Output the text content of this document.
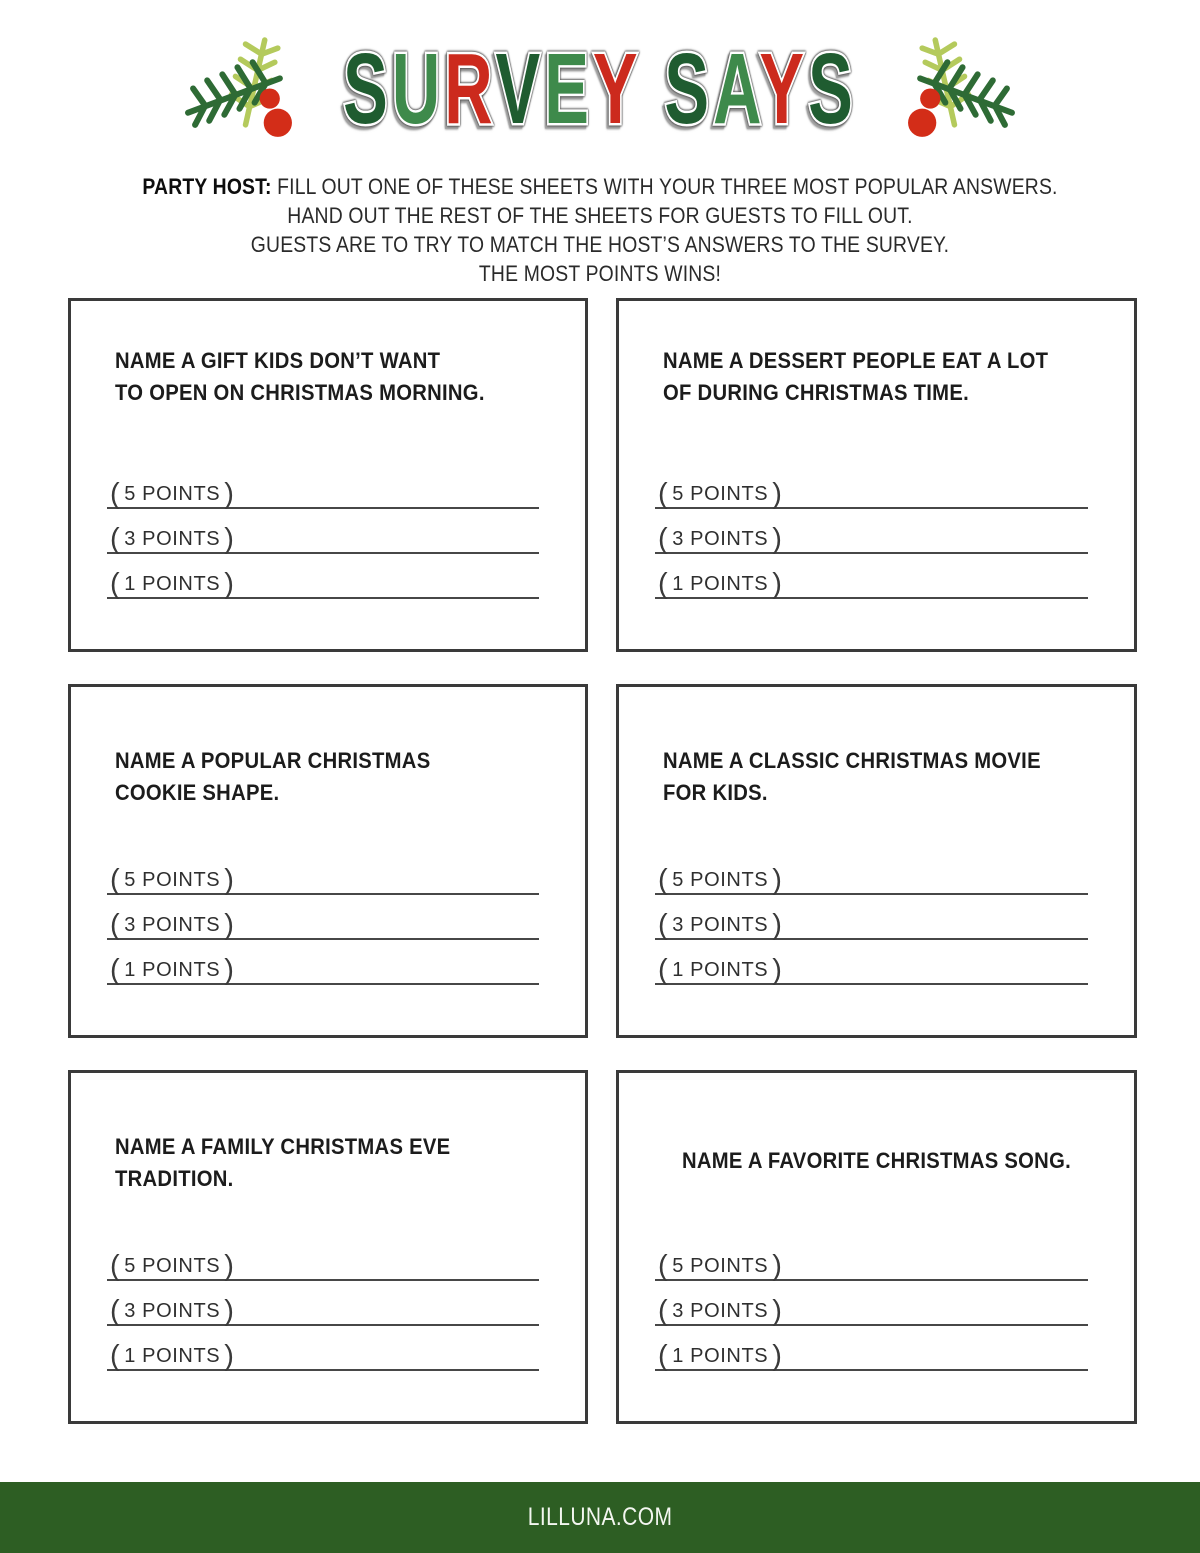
SURVEY SAYS

PARTY HOST: FILL OUT ONE OF THESE SHEETS WITH YOUR THREE MOST POPULAR ANSWERS.
HAND OUT THE REST OF THE SHEETS FOR GUESTS TO FILL OUT.
GUESTS ARE TO TRY TO MATCH THE HOST’S ANSWERS TO THE SURVEY.
THE MOST POINTS WINS!

NAME A GIFT KIDS DON’T WANT
TO OPEN ON CHRISTMAS MORNING.
( 5 POINTS )
( 3 POINTS )
( 1 POINTS )
NAME A DESSERT PEOPLE EAT A LOT
OF DURING CHRISTMAS TIME.
( 5 POINTS )
( 3 POINTS )
( 1 POINTS )
NAME A POPULAR CHRISTMAS
COOKIE SHAPE.
( 5 POINTS )
( 3 POINTS )
( 1 POINTS )
NAME A CLASSIC CHRISTMAS MOVIE
FOR KIDS.
( 5 POINTS )
( 3 POINTS )
( 1 POINTS )
NAME A FAMILY CHRISTMAS EVE
TRADITION.
( 5 POINTS )
( 3 POINTS )
( 1 POINTS )
NAME A FAVORITE CHRISTMAS SONG.
( 5 POINTS )
( 3 POINTS )
( 1 POINTS )
LILLUNA.COM
